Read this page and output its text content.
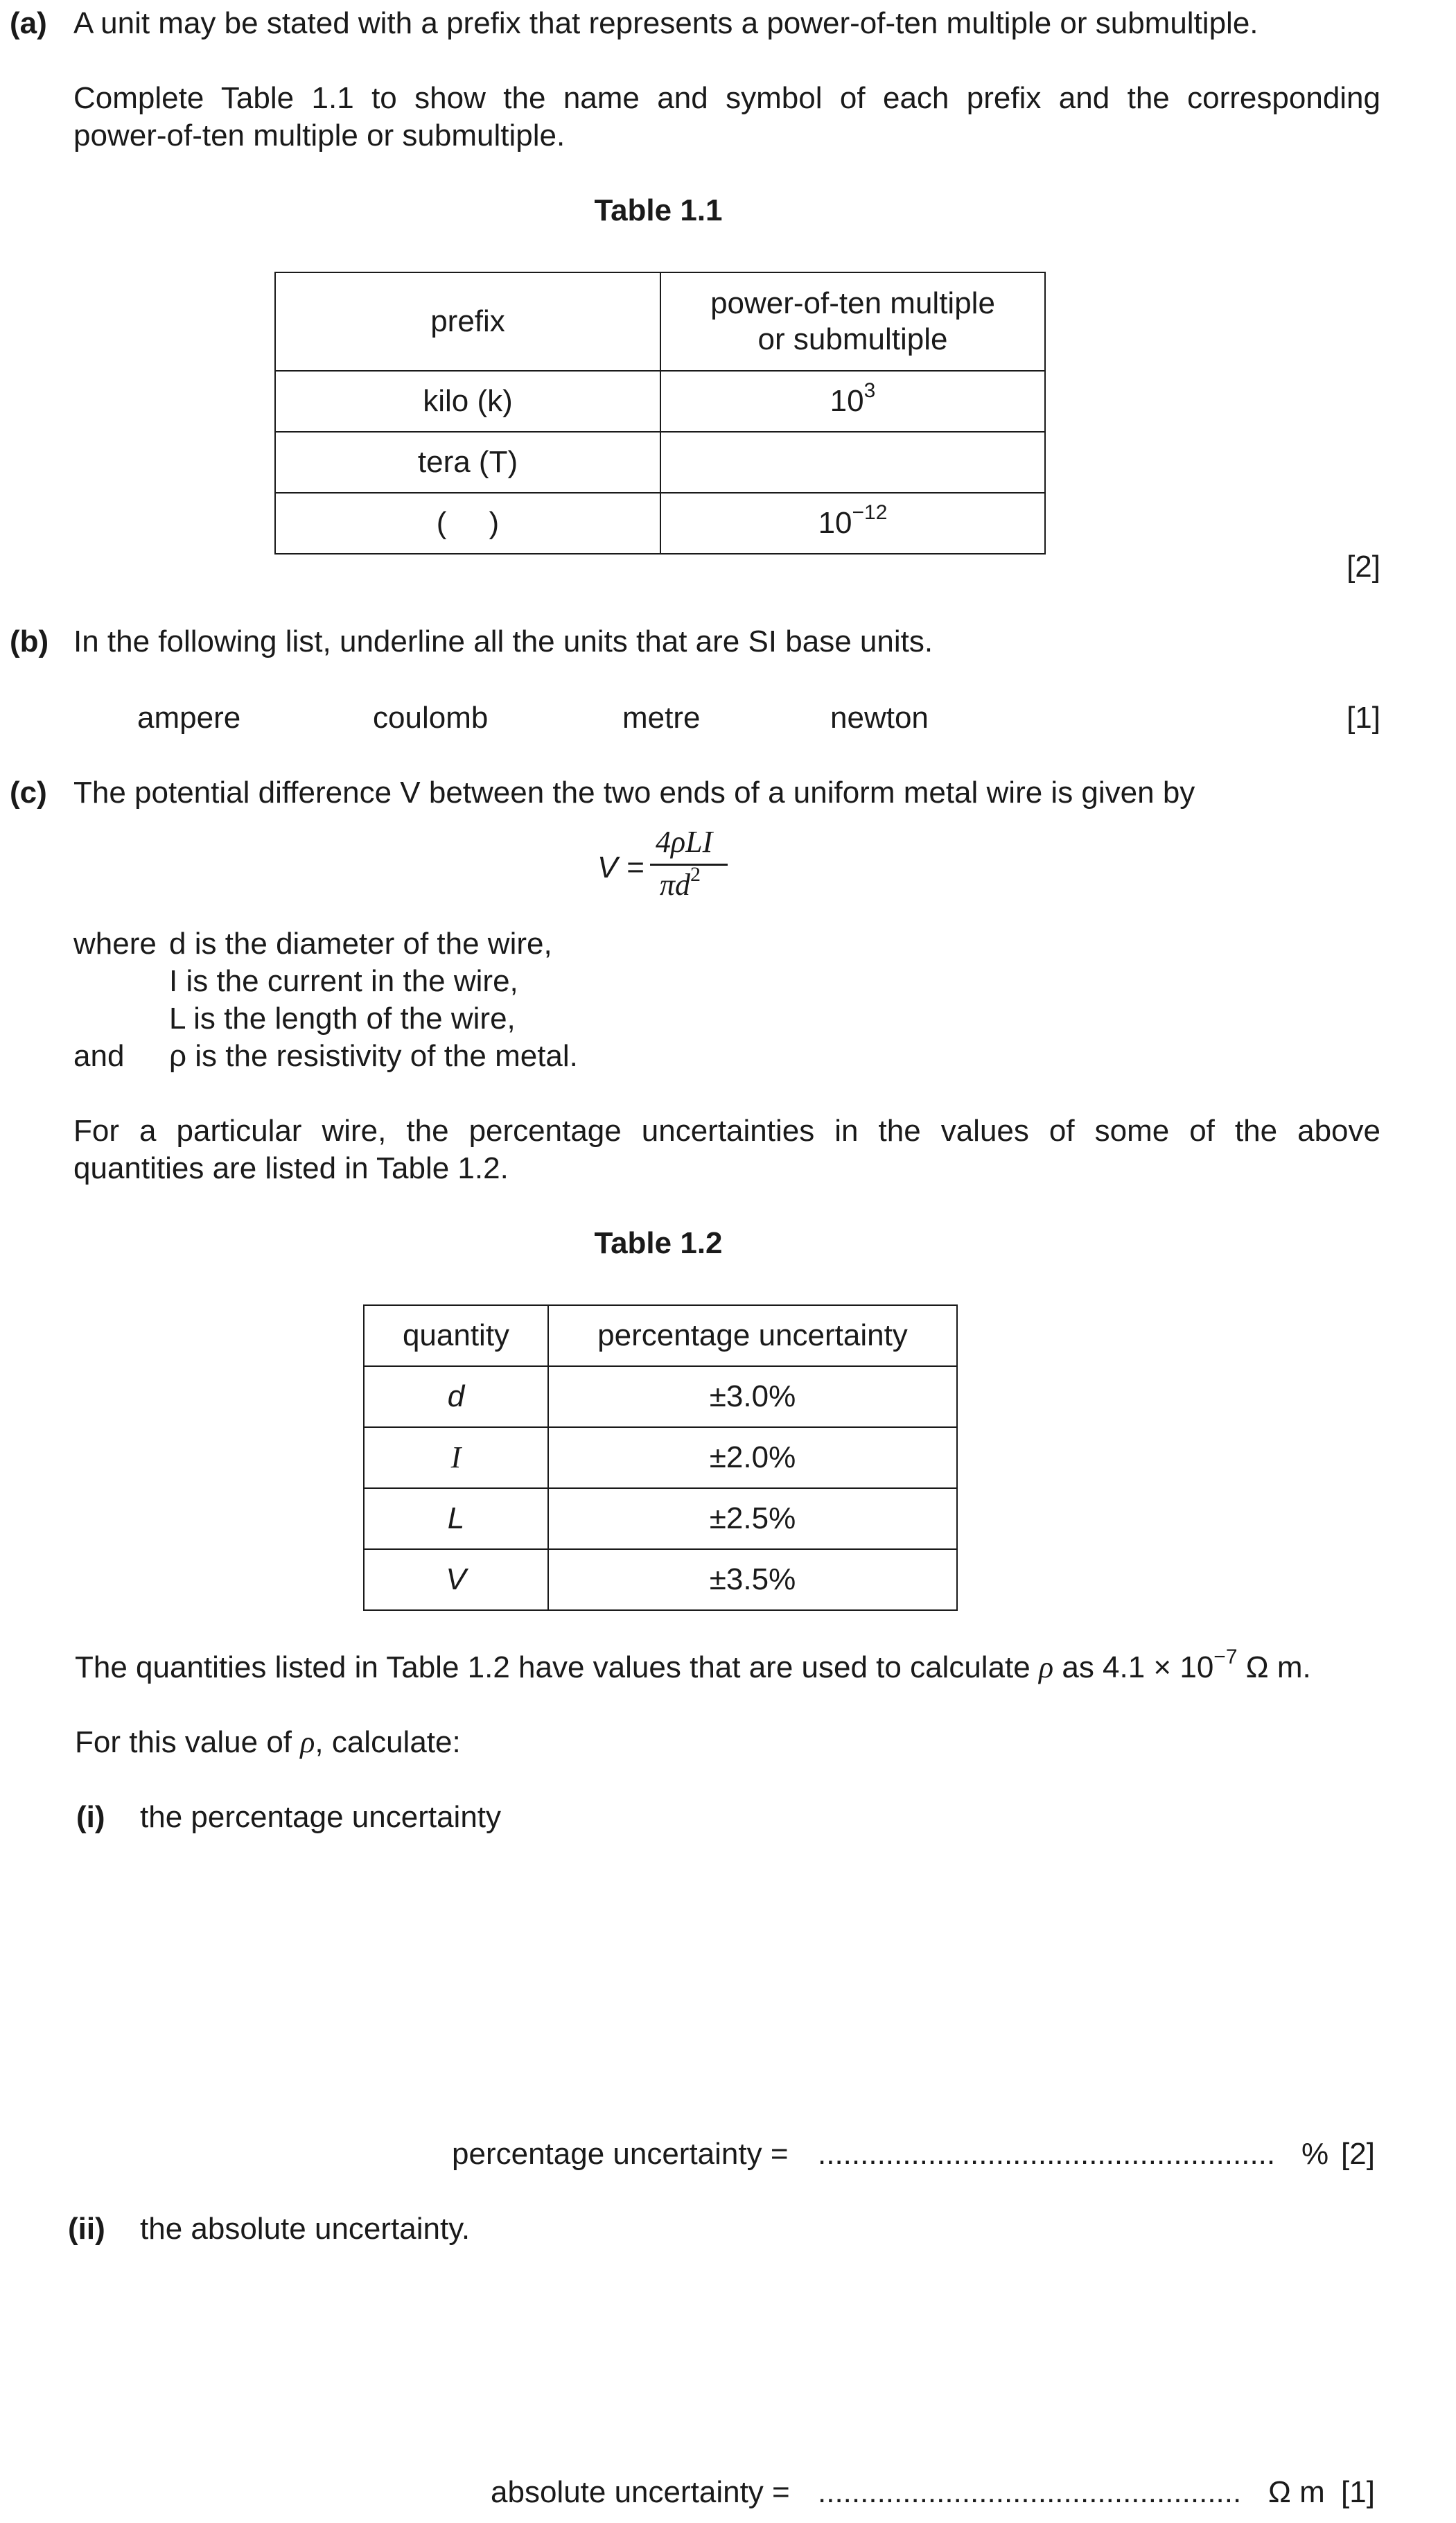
(a) A unit may be stated with a prefix that represents a power-of-ten multiple or submultiple.
Complete Table 1.1 to show the name and symbol of each prefix and the corresponding
power-of-ten multiple or submultiple.
Table 1.1
prefix	power-of-ten multiple
or submultiple

kilo (k)	$10^3$
tera (T)	
(     )	$10^{-12}$
[2]
(b) In the following list, underline all the units that are SI base units.
ampere	coulomb	metre	newton	[1]
(c) The potential difference V between the two ends of a uniform metal wire is given by
V =
4ρLI
$\pi d^2$
where d is the diameter of the wire,
I is the current in the wire,
L is the length of the wire,
and ρ is the resistivity of the metal.
For a particular wire, the percentage uncertainties in the values of some of the above
quantities are listed in Table 1.2.
Table 1.2
quantity	percentage uncertainty
d	±3.0%
I	±2.0%
L	±2.5%
V	±3.5%
The quantities listed in Table 1.2 have values that are used to calculate ρ as $4.1 \times 10^{-7}$ Ω m.
For this value of ρ, calculate:
(i) the percentage uncertainty
percentage uncertainty = ...................................................... % [2]
(ii) the absolute uncertainty.
absolute uncertainty = .................................................. Ω m [1]
